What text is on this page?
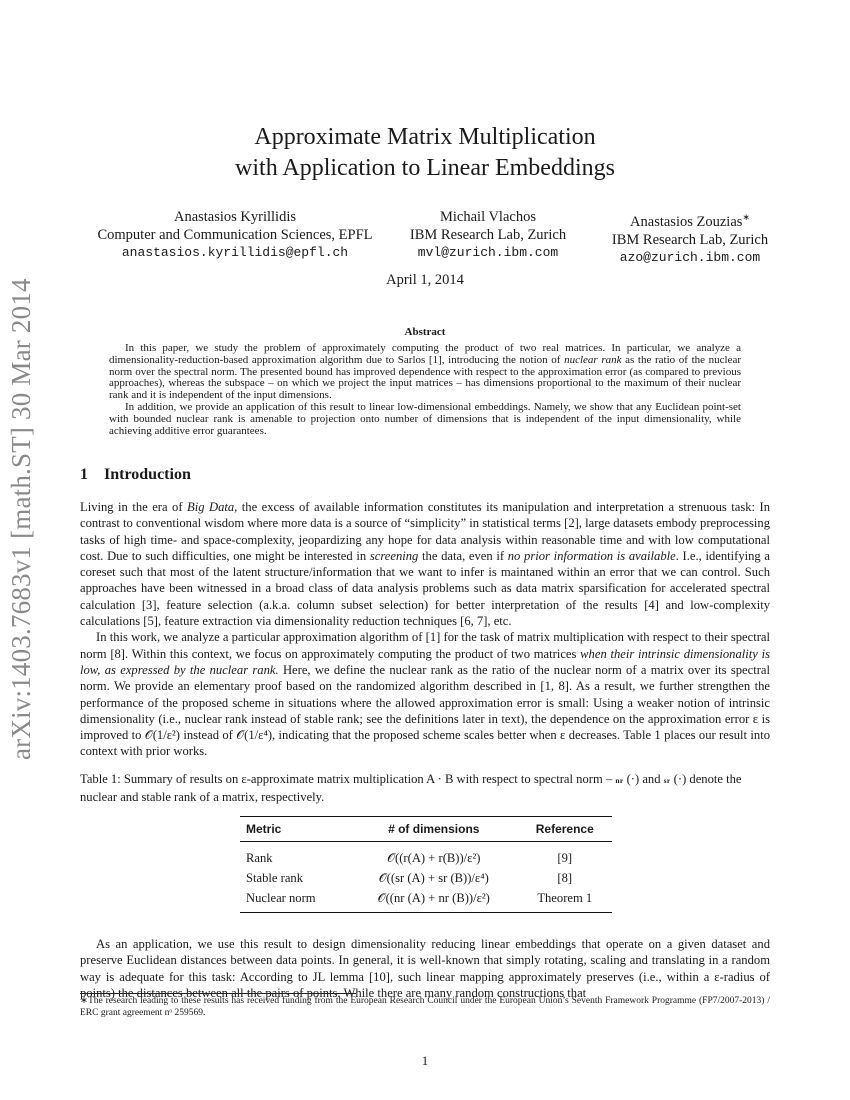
arXiv:1403.7683v1 [math.ST] 30 Mar 2014
Approximate Matrix Multiplication
with Application to Linear Embeddings
Anastasios Kyrillidis
Computer and Communication Sciences, EPFL
anastasios.kyrillidis@epfl.ch
Michail Vlachos
IBM Research Lab, Zurich
mvl@zurich.ibm.com
Anastasios Zouzias∗
IBM Research Lab, Zurich
azo@zurich.ibm.com
April 1, 2014
Abstract

In this paper, we study the problem of approximately computing the product of two real matrices. In particular, we analyze a dimensionality-reduction-based approximation algorithm due to Sarlos [1], introducing the notion of nuclear rank as the ratio of the nuclear norm over the spectral norm. The presented bound has improved dependence with respect to the approximation error (as compared to previous approaches), whereas the subspace – on which we project the input matrices – has dimensions proportional to the maximum of their nuclear rank and it is independent of the input dimensions.

In addition, we provide an application of this result to linear low-dimensional embeddings. Namely, we show that any Euclidean point-set with bounded nuclear rank is amenable to projection onto number of dimensions that is independent of the input dimensionality, while achieving additive error guarantees.

1 Introduction

Living in the era of Big Data, the excess of available information constitutes its manipulation and interpretation a strenuous task: In contrast to conventional wisdom where more data is a source of “simplicity” in statistical terms [2], large datasets embody preprocessing tasks of high time- and space-complexity, jeopardizing any hope for data analysis within reasonable time and with low computational cost. Due to such difficulties, one might be interested in screening the data, even if no prior information is available. I.e., identifying a coreset such that most of the latent structure/information that we want to infer is maintaned within an error that we can control. Such approaches have been witnessed in a broad class of data analysis problems such as data matrix sparsification for accelerated spectral calculation [3], feature selection (a.k.a. column subset selection) for better interpretation of the results [4] and low-complexity calculations [5], feature extraction via dimensionality reduction techniques [6, 7], etc.

In this work, we analyze a particular approximation algorithm of [1] for the task of matrix multiplication with respect to their spectral norm [8]. Within this context, we focus on approximately computing the product of two matrices when their intrinsic dimensionality is low, as expressed by the nuclear rank. Here, we define the nuclear rank as the ratio of the nuclear norm of a matrix over its spectral norm. We provide an elementary proof based on the randomized algorithm described in [1, 8]. As a result, we further strengthen the performance of the proposed scheme in situations where the allowed approximation error is small: Using a weaker notion of intrinsic dimensionality (i.e., nuclear rank instead of stable rank; see the definitions later in text), the dependence on the approximation error ε is improved to 𝒪(1/ε²) instead of 𝒪(1/ε⁴), indicating that the proposed scheme scales better when ε decreases. Table 1 places our result into context with prior works.

Table 1: Summary of results on ε-approximate matrix multiplication A · B with respect to spectral norm – nr (·) and sr (·) denote the nuclear and stable rank of a matrix, respectively.
Metric	# of dimensions	Reference
Rank	𝒪((r(A) + r(B))/ε²)	[9]
Stable rank	𝒪((sr (A) + sr (B))/ε⁴)	[8]
Nuclear norm	𝒪((nr (A) + nr (B))/ε²)	Theorem 1

As an application, we use this result to design dimensionality reducing linear embeddings that operate on a given dataset and preserve Euclidean distances between data points. In general, it is well-known that simply rotating, scaling and translating in a random way is adequate for this task: According to JL lemma [10], such linear mapping approximately preserves (i.e., within a ε-radius of points) the distances between all the pairs of points. While there are many random constructions that

∗The research leading to these results has received funding from the European Research Council under the European Union’s Seventh Framework Programme (FP7/2007-2013) / ERC grant agreement nᵒ 259569.
1
